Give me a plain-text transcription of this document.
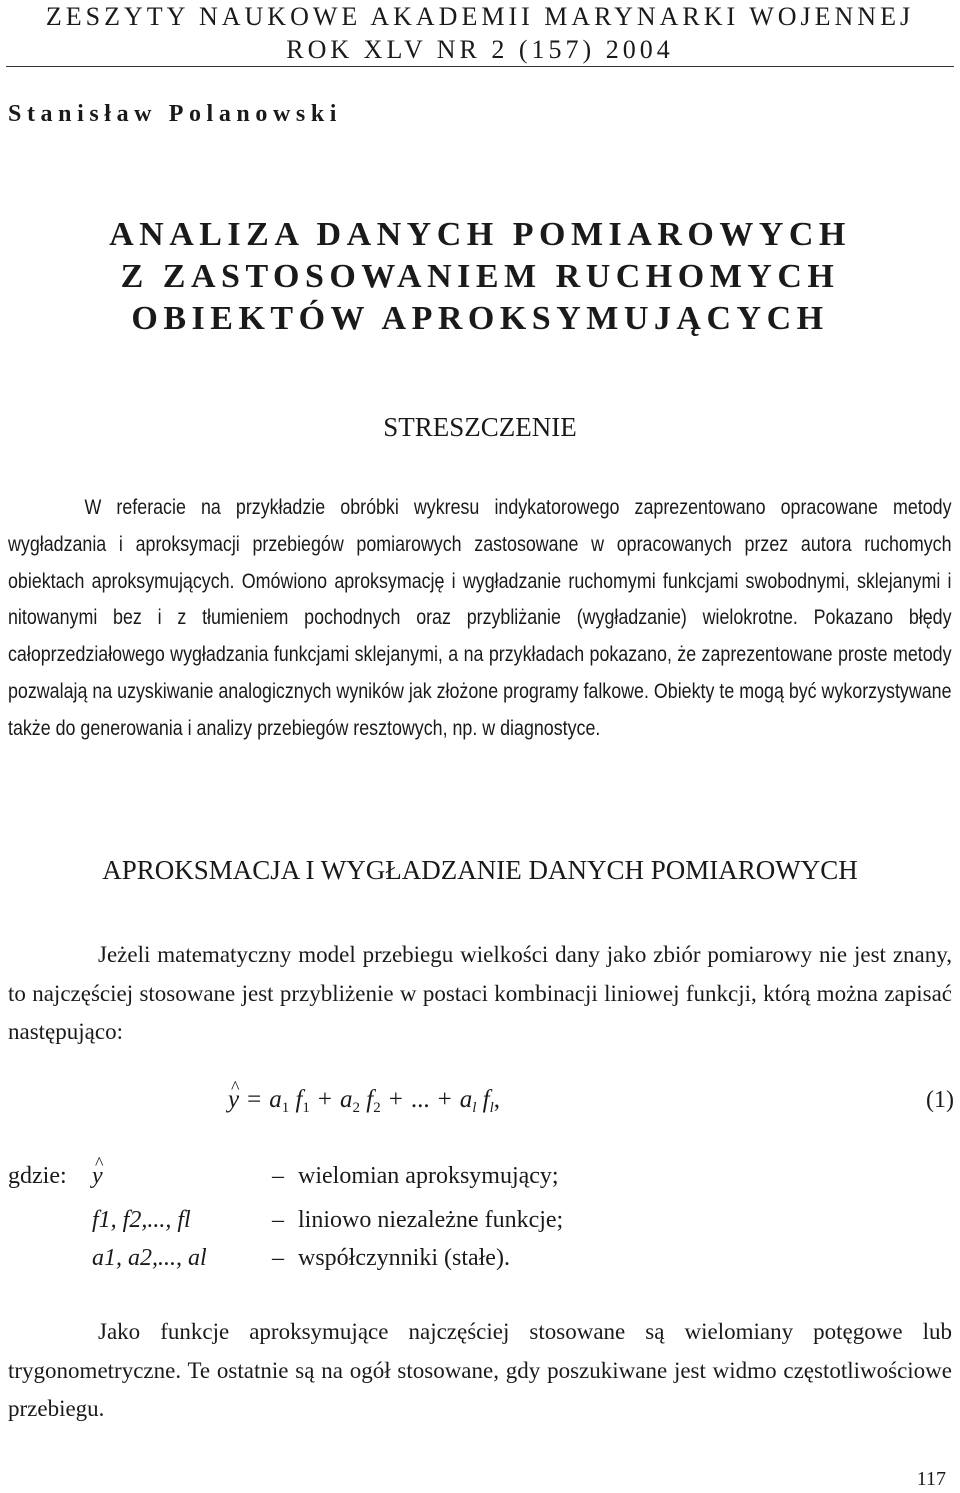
ZESZYTY NAUKOWE AKADEMII MARYNARKI WOJENNEJ
ROK XLV NR 2 (157) 2004
Stanisław Polanowski
ANALIZA DANYCH POMIAROWYCH
Z ZASTOSOWANIEM RUCHOMYCH
OBIEKTÓW APROKSYMUJĄCYCH
STRESZCZENIE
W referacie na przykładzie obróbki wykresu indykatorowego zaprezentowano opracowane metody wygładzania i aproksymacji przebiegów pomiarowych zastosowane w opracowanych przez autora ruchomych obiektach aproksymujących. Omówiono aproksymację i wygładzanie ruchomymi funkcjami swobodnymi, sklejanymi i nitowanymi bez i z tłumieniem pochodnych oraz przybliżanie (wygładzanie) wielokrotne. Pokazano błędy całoprzedziałowego wygładzania funkcjami sklejanymi, a na przykładach pokazano, że zaprezentowane proste metody pozwalają na uzyskiwanie analogicznych wyników jak złożone programy falkowe. Obiekty te mogą być wykorzystywane także do generowania i analizy przebiegów resztowych, np. w diagnostyce.
APROKSMACJA I WYGŁADZANIE DANYCH POMIAROWYCH
Jeżeli matematyczny model przebiegu wielkości dany jako zbiór pomiarowy nie jest znany, to najczęściej stosowane jest przybliżenie w postaci kombinacji liniowej funkcji, którą można zapisać następująco:
^ $y = a_1$ $f_1 + a_2$ $f_2$ + ... + $a_l$ $f_l$,	(1)
gdzie:
^ y	– wielomian aproksymujący;
f1, f2,..., fl	– liniowo niezależne funkcje;
a1, a2,..., al	– współczynniki (stałe).
Jako funkcje aproksymujące najczęściej stosowane są wielomiany potęgowe lub trygonometryczne. Te ostatnie są na ogół stosowane, gdy poszukiwane jest widmo częstotliwościowe przebiegu.
117
